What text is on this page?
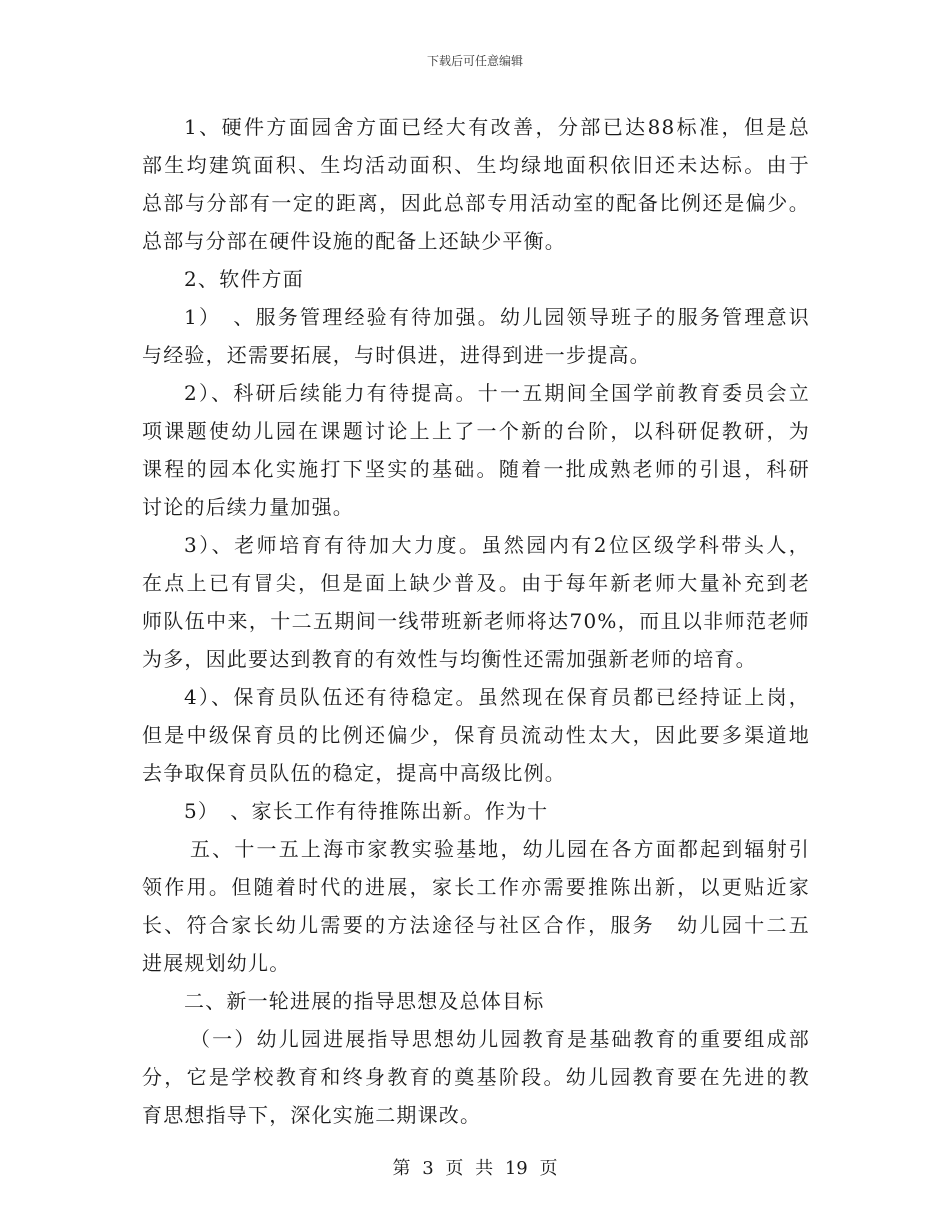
下载后可任意编辑
1、硬件方面园舍方面已经大有改善，分部已达88标准，但是总
部生均建筑面积、生均活动面积、生均绿地面积依旧还未达标。由于
总部与分部有一定的距离，因此总部专用活动室的配备比例还是偏少。
总部与分部在硬件设施的配备上还缺少平衡。
2、软件方面
1）　、服务管理经验有待加强。幼儿园领导班子的服务管理意识
与经验，还需要拓展，与时俱进，进得到进一步提高。
2）、科研后续能力有待提高。十一五期间全国学前教育委员会立
项课题使幼儿园在课题讨论上上了一个新的台阶，以科研促教研，为
课程的园本化实施打下坚实的基础。随着一批成熟老师的引退，科研
讨论的后续力量加强。
3）、老师培育有待加大力度。虽然园内有2位区级学科带头人，
在点上已有冒尖，但是面上缺少普及。由于每年新老师大量补充到老
师队伍中来，十二五期间一线带班新老师将达70%，而且以非师范老师
为多，因此要达到教育的有效性与均衡性还需加强新老师的培育。
4）、保育员队伍还有待稳定。虽然现在保育员都已经持证上岗，
但是中级保育员的比例还偏少，保育员流动性太大，因此要多渠道地
去争取保育员队伍的稳定，提高中高级比例。
5）　、家长工作有待推陈出新。作为十
五、十一五上海市家教实验基地，幼儿园在各方面都起到辐射引
领作用。但随着时代的进展，家长工作亦需要推陈出新，以更贴近家
长、符合家长幼儿需要的方法途径与社区合作，服务　幼儿园十二五
进展规划幼儿。
二、新一轮进展的指导思想及总体目标
（一）幼儿园进展指导思想幼儿园教育是基础教育的重要组成部
分，它是学校教育和终身教育的奠基阶段。幼儿园教育要在先进的教
育思想指导下，深化实施二期课改。
第 3 页 共 19 页
